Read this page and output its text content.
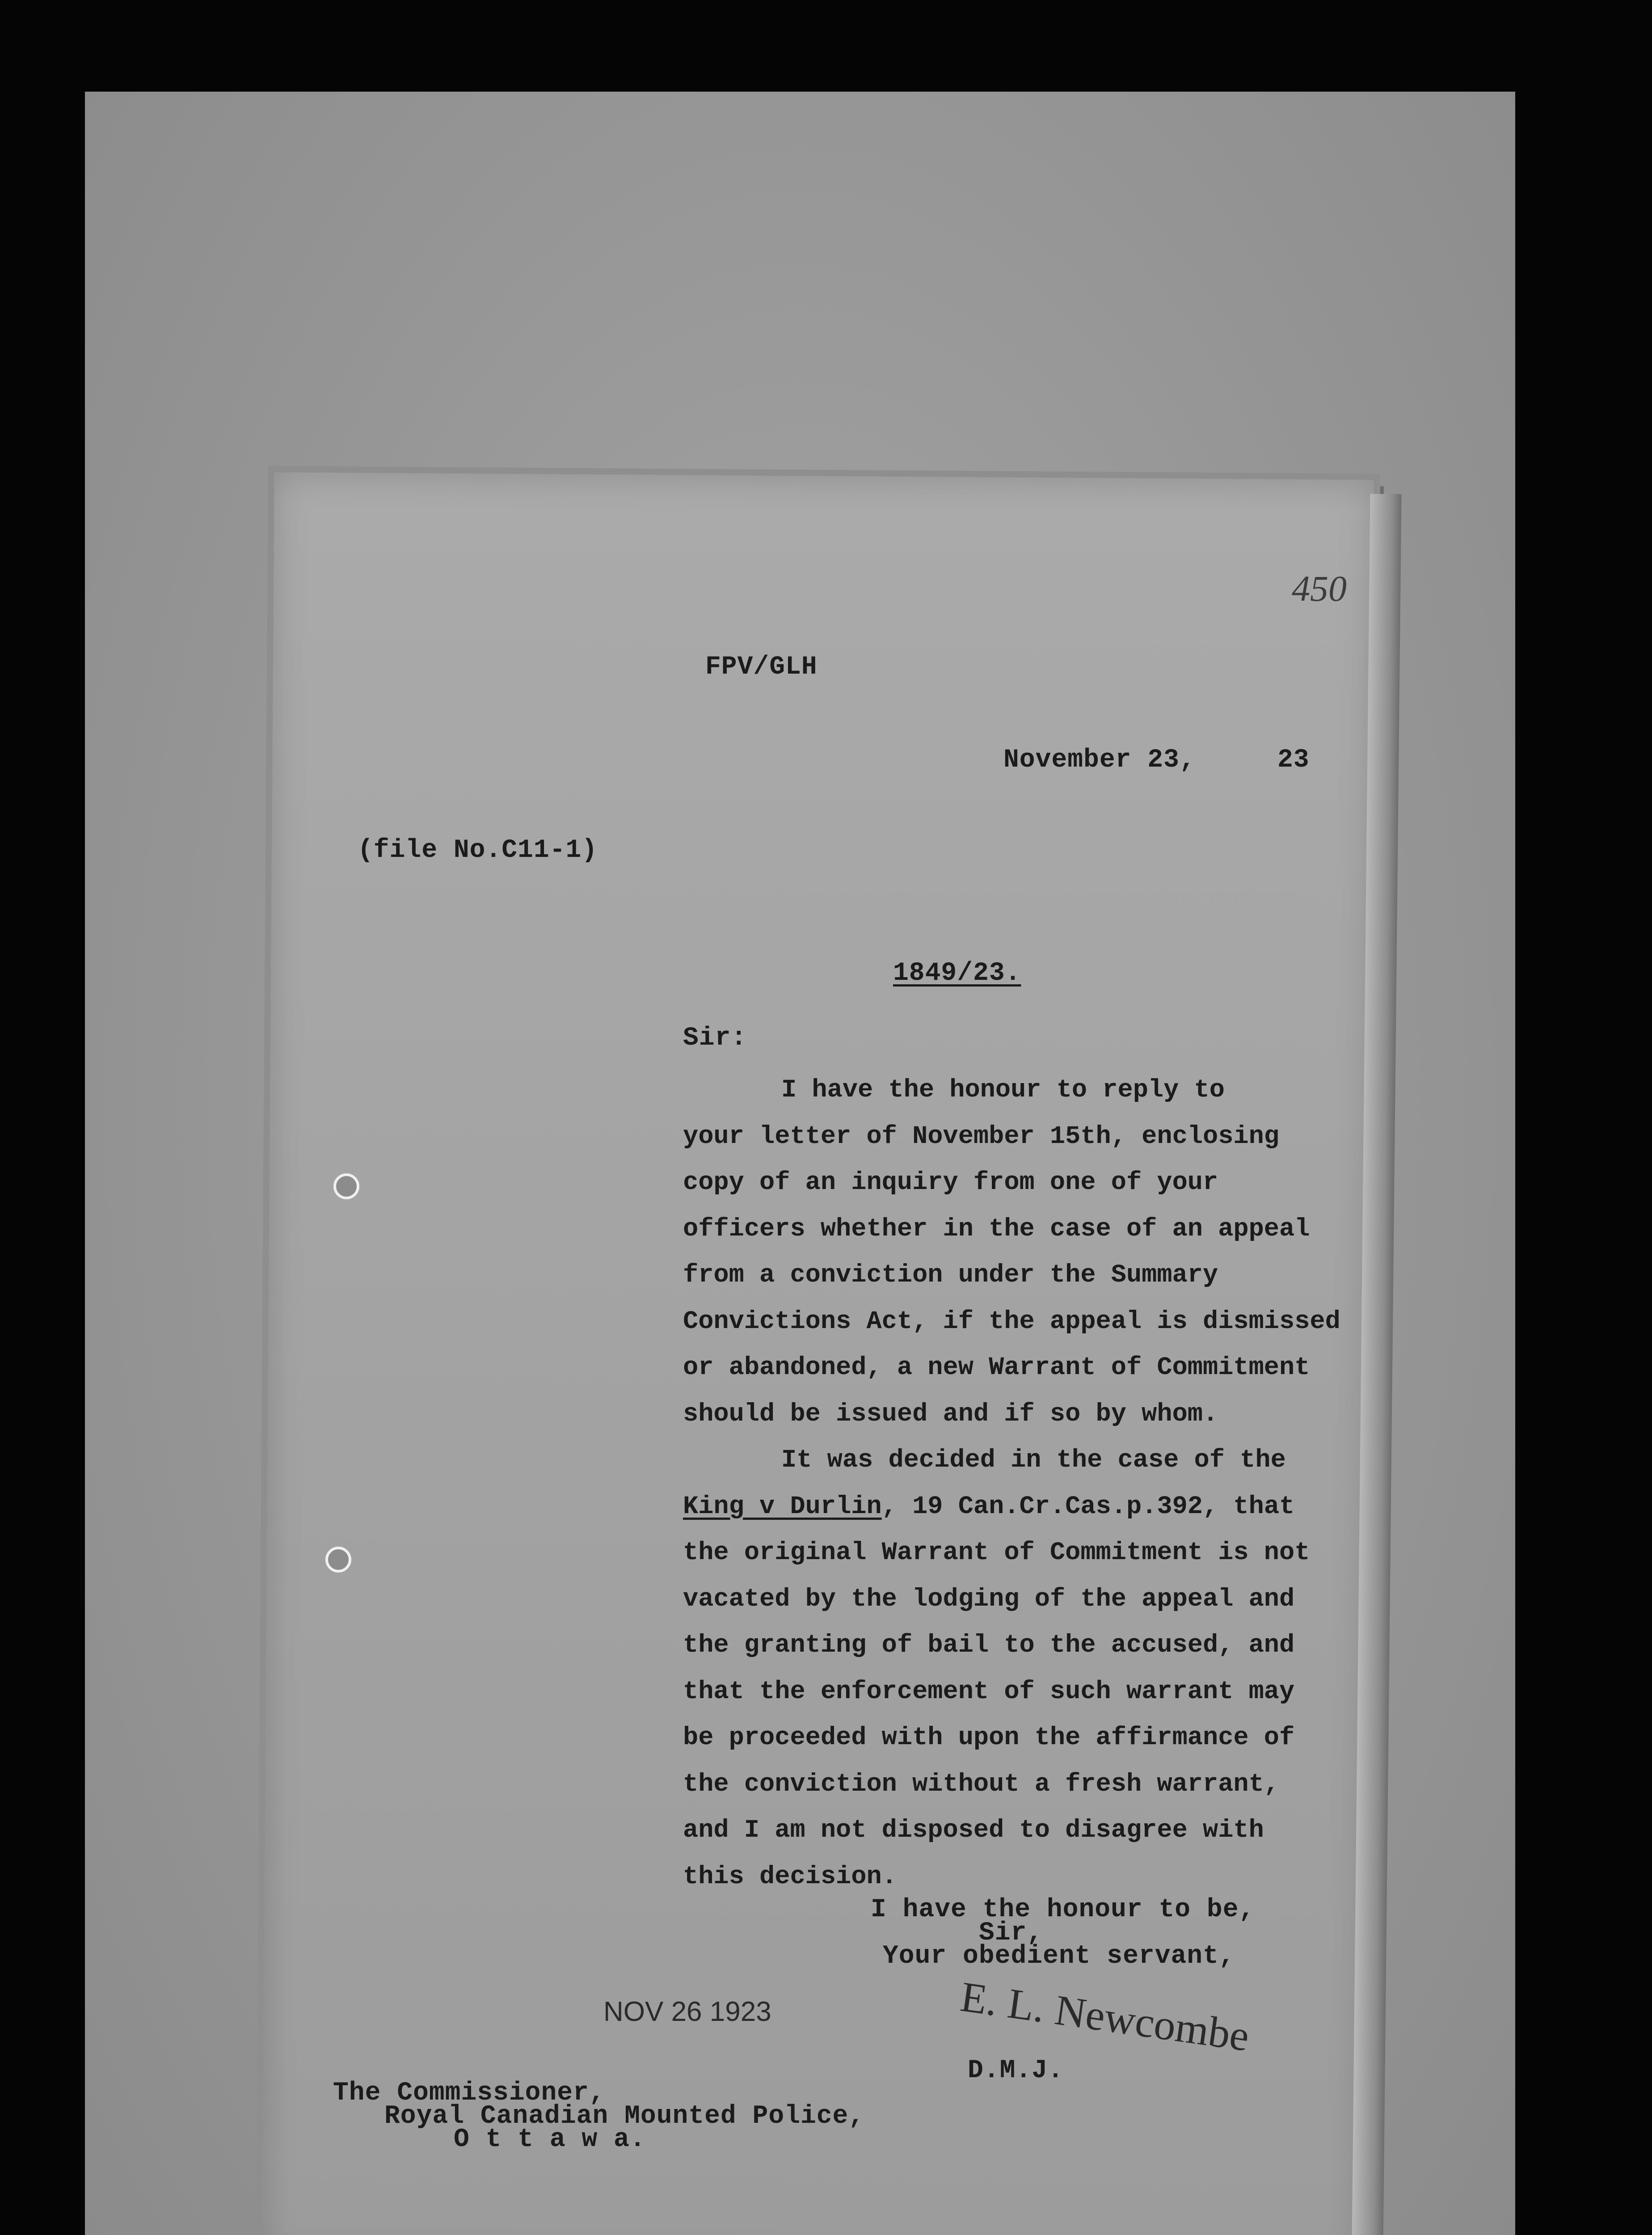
450
FPV/GLH
November 23,	23
(file No.C11-1)
1849/23.
Sir:
I have the honour to reply to
your letter of November 15th, enclosing
copy of an inquiry from one of your
officers whether in the case of an appeal
from a conviction under the Summary
Convictions Act, if the appeal is dismissed
or abandoned, a new Warrant of Commitment
should be issued and if so by whom.
It was decided in the case of the
King v Durlin, 19 Can.Cr.Cas.p.392, that
the original Warrant of Commitment is not
vacated by the lodging of the appeal and
the granting of bail to the accused, and
that the enforcement of such warrant may
be proceeded with upon the affirmance of
the conviction without a fresh warrant,
and I am not disposed to disagree with
this decision.
I have the honour to be,
Sir,
Your obedient servant,
NOV 26 1923	E. L. Newcombe
D.M.J.
The Commissioner,
Royal Canadian Mounted Police,
O t t a w a.
